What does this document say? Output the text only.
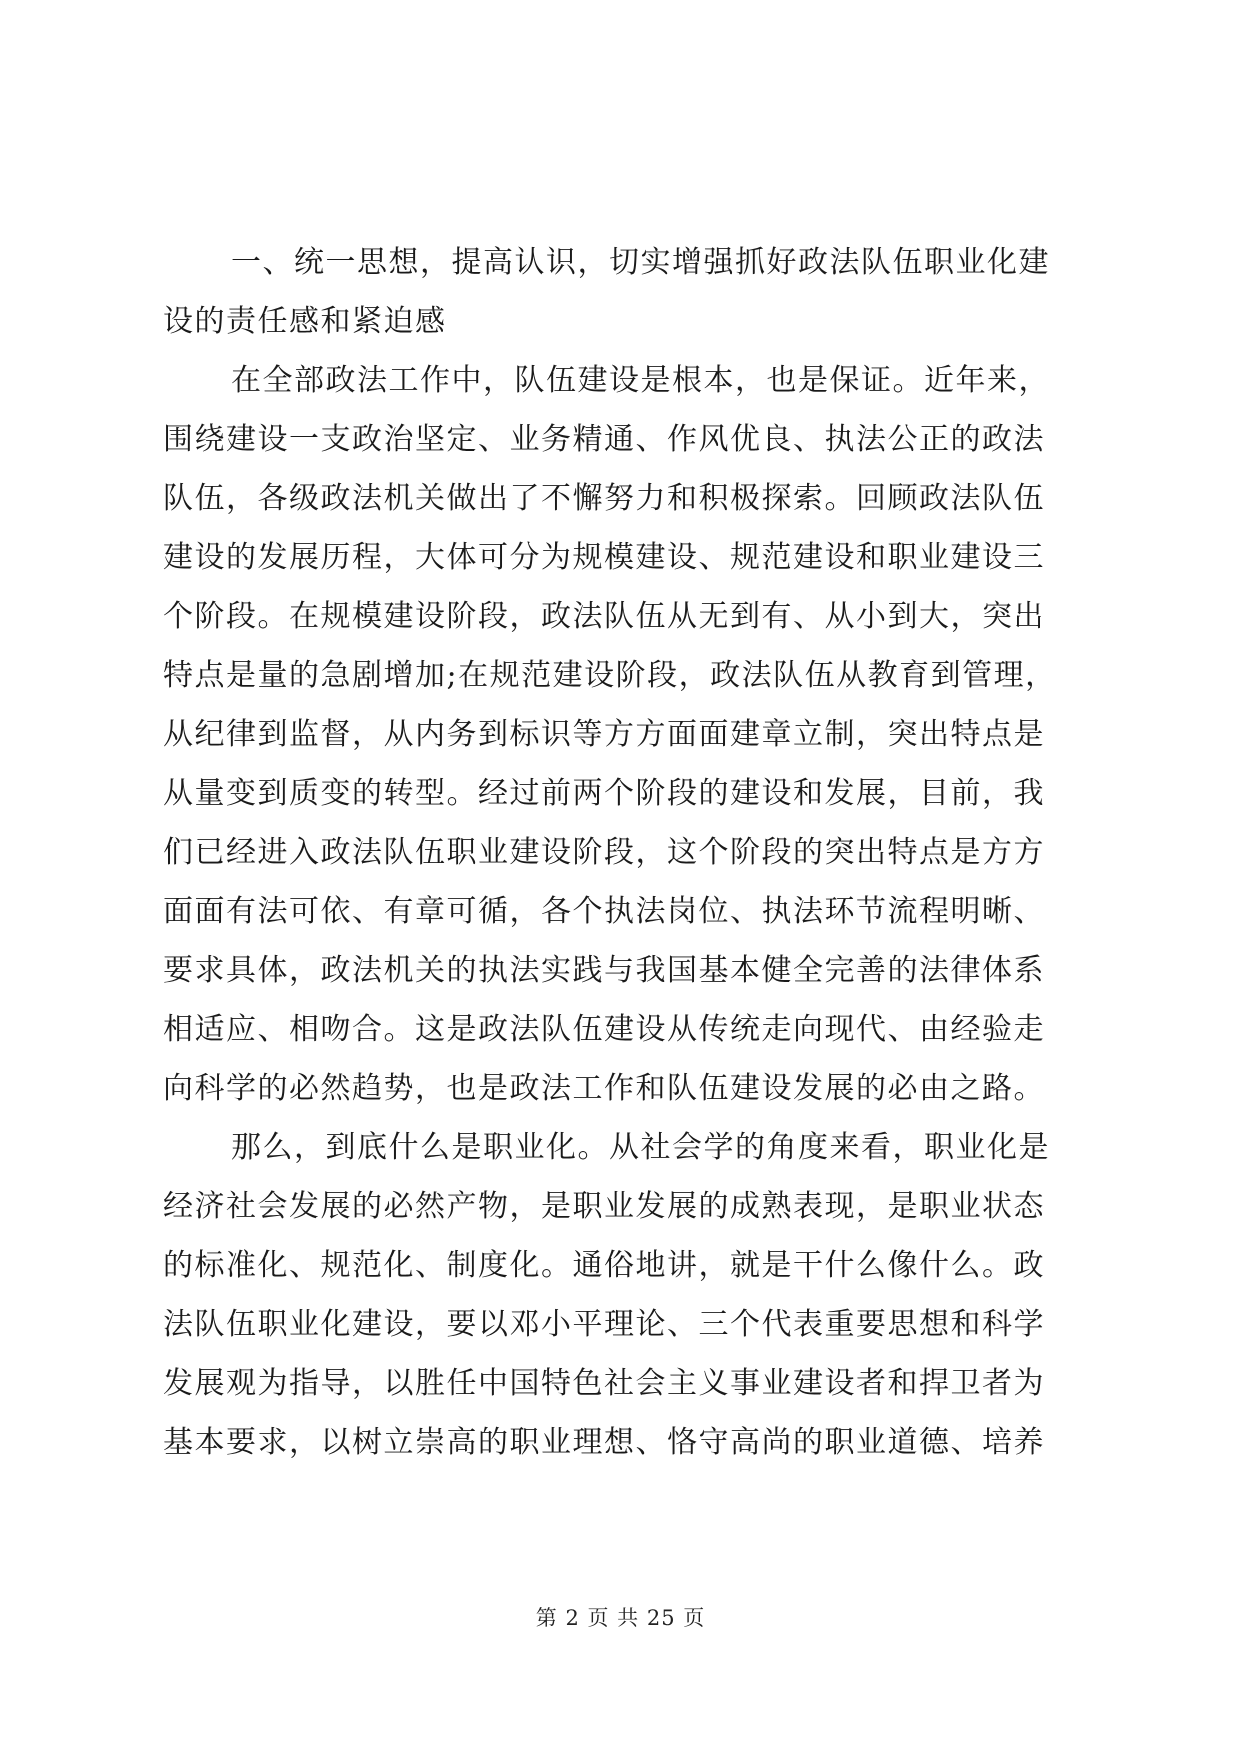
一、统一思想，提高认识，切实增强抓好政法队伍职业化建
设的责任感和紧迫感
在全部政法工作中，队伍建设是根本，也是保证。近年来，
围绕建设一支政治坚定、业务精通、作风优良、执法公正的政法
队伍，各级政法机关做出了不懈努力和积极探索。回顾政法队伍
建设的发展历程，大体可分为规模建设、规范建设和职业建设三
个阶段。在规模建设阶段，政法队伍从无到有、从小到大，突出
特点是量的急剧增加;在规范建设阶段，政法队伍从教育到管理，
从纪律到监督，从内务到标识等方方面面建章立制，突出特点是
从量变到质变的转型。经过前两个阶段的建设和发展，目前，我
们已经进入政法队伍职业建设阶段，这个阶段的突出特点是方方
面面有法可依、有章可循，各个执法岗位、执法环节流程明晰、
要求具体，政法机关的执法实践与我国基本健全完善的法律体系
相适应、相吻合。这是政法队伍建设从传统走向现代、由经验走
向科学的必然趋势，也是政法工作和队伍建设发展的必由之路。
那么，到底什么是职业化。从社会学的角度来看，职业化是
经济社会发展的必然产物，是职业发展的成熟表现，是职业状态
的标准化、规范化、制度化。通俗地讲，就是干什么像什么。政
法队伍职业化建设，要以邓小平理论、三个代表重要思想和科学
发展观为指导，以胜任中国特色社会主义事业建设者和捍卫者为
基本要求，以树立崇高的职业理想、恪守高尚的职业道德、培养
第 2 页 共 25 页
